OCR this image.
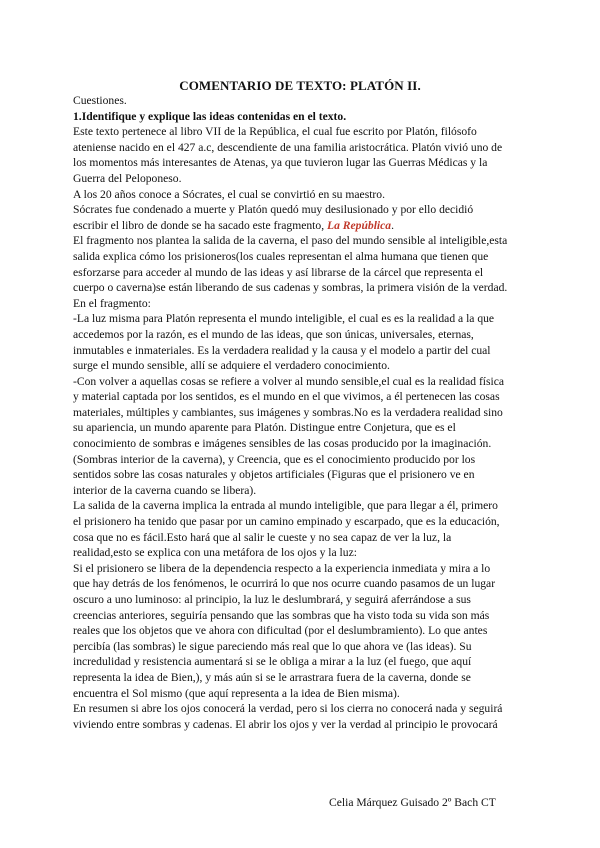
COMENTARIO DE TEXTO: PLATÓN II.
Cuestiones.
1.Identifique y explique las ideas contenidas en el texto.
Este texto pertenece al libro VII de la República, el cual fue escrito por Platón, filósofo
ateniense nacido en el 427 a.c, descendiente de una familia aristocrática. Platón vivió uno de
los momentos más interesantes de Atenas, ya que tuvieron lugar las Guerras Médicas y la
Guerra del Peloponeso.
A los 20 años conoce a Sócrates, el cual se convirtió en su maestro.
Sócrates fue condenado a muerte y Platón quedó muy desilusionado y por ello decidió
escribir el libro de donde se ha sacado este fragmento, La República.
El fragmento nos plantea la salida de la caverna, el paso del mundo sensible al inteligible,esta
salida explica cómo los prisioneros(los cuales representan el alma humana que tienen que
esforzarse para acceder al mundo de las ideas y así librarse de la cárcel que representa el
cuerpo o caverna)se están liberando de sus cadenas y sombras, la primera visión de la verdad.
En el fragmento:
-La luz misma para Platón representa el mundo inteligible, el cual es es la realidad a la que
accedemos por la razón, es el mundo de las ideas, que son únicas, universales, eternas,
inmutables e inmateriales. Es la verdadera realidad y la causa y el modelo a partir del cual
surge el mundo sensible, allí se adquiere el verdadero conocimiento.
-Con volver a aquellas cosas se refiere a volver al mundo sensible,el cual es la realidad física
y material captada por los sentidos, es el mundo en el que vivimos, a él pertenecen las cosas
materiales, múltiples y cambiantes, sus imágenes y sombras.No es la verdadera realidad sino
su apariencia, un mundo aparente para Platón. Distingue entre Conjetura, que es el
conocimiento de sombras e imágenes sensibles de las cosas producido por la imaginación.
(Sombras interior de la caverna), y Creencia, que es el conocimiento producido por los
sentidos sobre las cosas naturales y objetos artificiales (Figuras que el prisionero ve en
interior de la caverna cuando se libera).
La salida de la caverna implica la entrada al mundo inteligible, que para llegar a él, primero
el prisionero ha tenido que pasar por un camino empinado y escarpado, que es la educación,
cosa que no es fácil.Esto hará que al salir le cueste y no sea capaz de ver la luz, la
realidad,esto se explica con una metáfora de los ojos y la luz:
Si el prisionero se libera de la dependencia respecto a la experiencia inmediata y mira a lo
que hay detrás de los fenómenos, le ocurrirá lo que nos ocurre cuando pasamos de un lugar
oscuro a uno luminoso: al principio, la luz le deslumbrará, y seguirá aferrándose a sus
creencias anteriores, seguiría pensando que las sombras que ha visto toda su vida son más
reales que los objetos que ve ahora con dificultad (por el deslumbramiento). Lo que antes
percibía (las sombras) le sigue pareciendo más real que lo que ahora ve (las ideas). Su
incredulidad y resistencia aumentará si se le obliga a mirar a la luz (el fuego, que aquí
representa la idea de Bien,), y más aún si se le arrastrara fuera de la caverna, donde se
encuentra el Sol mismo (que aquí representa a la idea de Bien misma).
En resumen si abre los ojos conocerá la verdad, pero si los cierra no conocerá nada y seguirá
viviendo entre sombras y cadenas. El abrir los ojos y ver la verdad al principio le provocará
Celia Márquez Guisado 2º Bach CT
